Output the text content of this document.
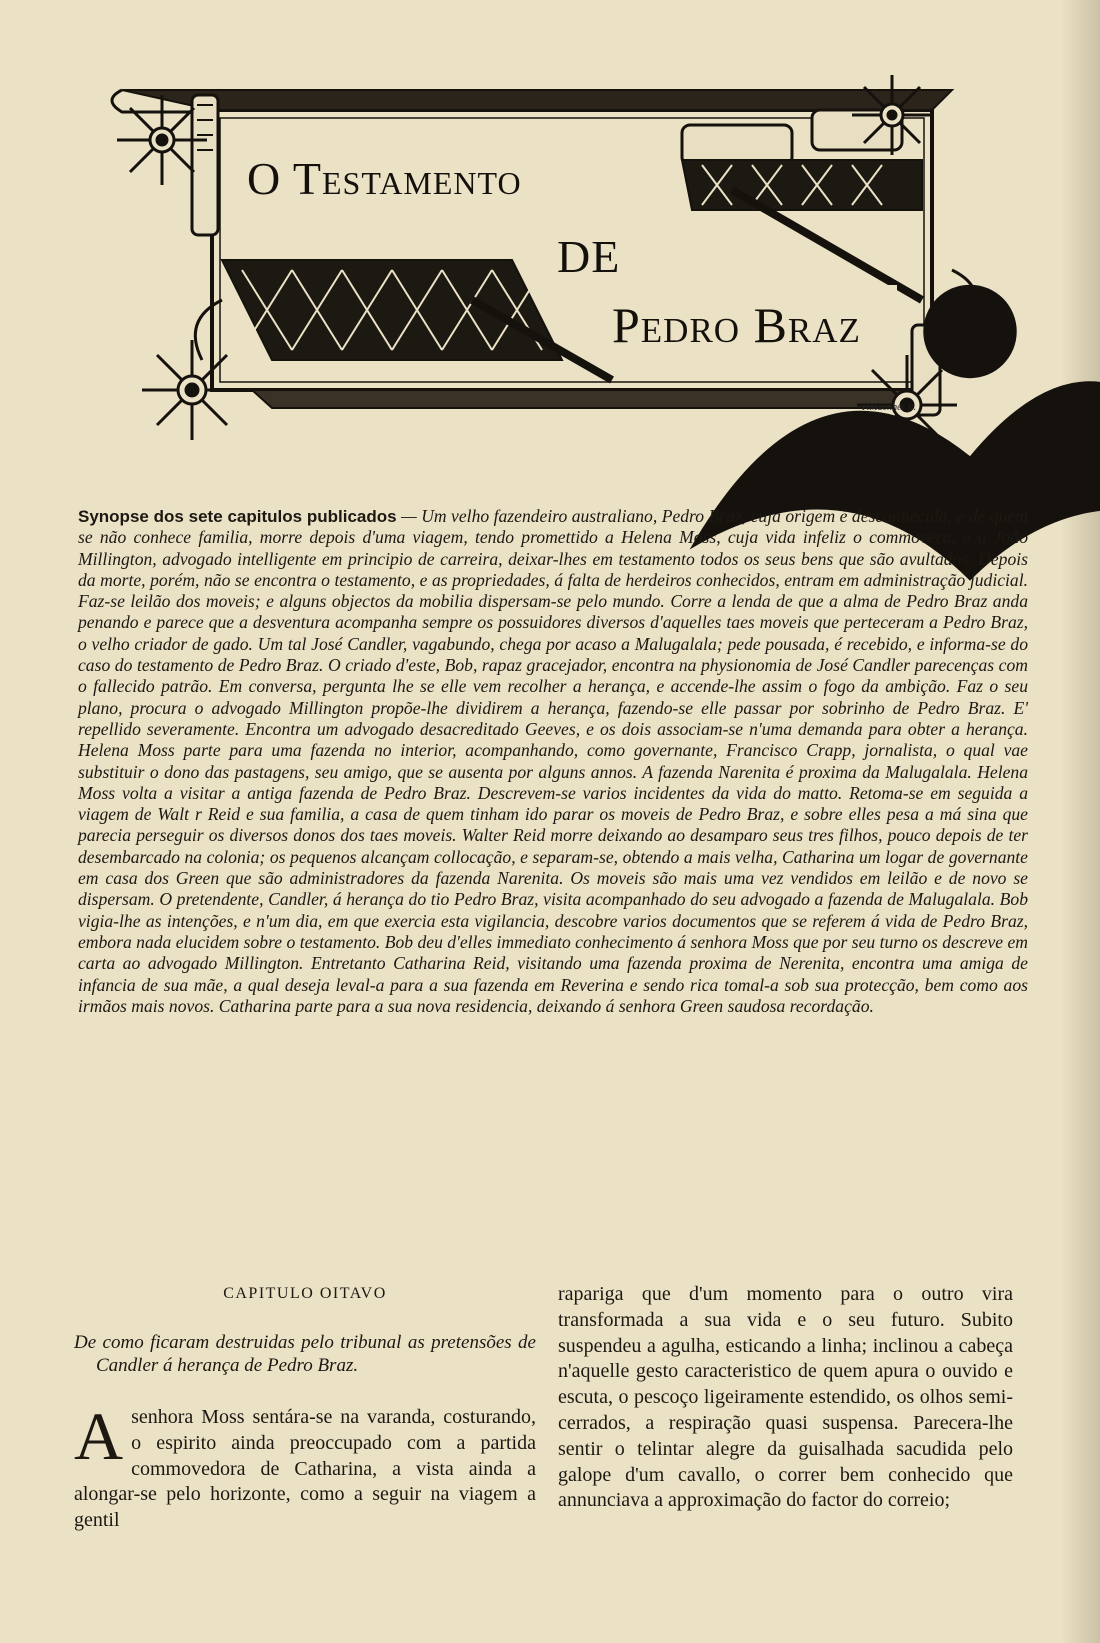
O Testamento
DE
Pedro Braz
P.Macnher jr.
Synopse dos sete capitulos publicados — Um velho fazendeiro australiano, Pedro Braz, cuja origem é desconhecida, e de quem se não conhece familia, morre depois d'uma viagem, tendo promettido a Helena Moss, cuja vida infeliz o commovera, e a João Millington, advogado intelligente em principio de carreira, deixar-lhes em testamento todos os seus bens que são avultados. Depois da morte, porém, não se encontra o testamento, e as propriedades, á falta de herdeiros conhecidos, entram em administração judicial. Faz-se leilão dos moveis; e alguns objectos da mobilia dispersam-se pelo mundo. Corre a lenda de que a alma de Pedro Braz anda penando e parece que a desventura acompanha sempre os possuidores diversos d'aquelles taes moveis que perteceram a Pedro Braz, o velho criador de gado. Um tal José Candler, vagabundo, chega por acaso a Malugalala; pede pousada, é recebido, e informa-se do caso do testamento de Pedro Braz. O criado d'este, Bob, rapaz gracejador, encontra na physionomia de José Candler parecenças com o fallecido patrão. Em conversa, pergunta lhe se elle vem recolher a herança, e accende-lhe assim o fogo da ambição. Faz o seu plano, procura o advogado Millington propõe-lhe dividirem a herança, fazendo-se elle passar por sobrinho de Pedro Braz. E' repellido severamente. Encontra um advogado desacreditado Geeves, e os dois associam-se n'uma demanda para obter a herança. Helena Moss parte para uma fazenda no interior, acompanhando, como governante, Francisco Crapp, jornalista, o qual vae substituir o dono das pastagens, seu amigo, que se ausenta por alguns annos. A fazenda Narenita é proxima da Malugalala. Helena Moss volta a visitar a antiga fazenda de Pedro Braz. Descrevem-se varios incidentes da vida do matto. Retoma-se em seguida a viagem de Walt r Reid e sua familia, a casa de quem tinham ido parar os moveis de Pedro Braz, e sobre elles pesa a má sina que parecia perseguir os diversos donos dos taes moveis. Walter Reid morre deixando ao desamparo seus tres filhos, pouco depois de ter desembarcado na colonia; os pequenos alcançam collocação, e separam-se, obtendo a mais velha, Catharina um logar de governante em casa dos Green que são administradores da fazenda Narenita. Os moveis são mais uma vez vendidos em leilão e de novo se dispersam. O pretendente, Candler, á herança do tio Pedro Braz, visita acompanhado do seu advogado a fazenda de Malugalala. Bob vigia-lhe as intenções, e n'um dia, em que exercia esta vigilancia, descobre varios documentos que se referem á vida de Pedro Braz, embora nada elucidem sobre o testamento. Bob deu d'elles immediato conhecimento á senhora Moss que por seu turno os descreve em carta ao advogado Millington. Entretanto Catharina Reid, visitando uma fazenda proxima de Nerenita, encontra uma amiga de infancia de sua mãe, a qual deseja leval-a para a sua fazenda em Reverina e sendo rica tomal-a sob sua protecção, bem como aos irmãos mais novos. Catharina parte para a sua nova residencia, deixando á senhora Green saudosa recordação.
CAPITULO OITAVO

De como ficaram destruidas pelo tribunal as pretensões de Candler á herança de Pedro Braz.

Asenhora Moss sentára-se na varanda, costurando, o espirito ainda preoccupado com a partida commovedora de Catharina, a vista ainda a alongar-se pelo horizonte, como a seguir na viagem a gentil

rapariga que d'um momento para o outro vira transformada a sua vida e o seu futuro. Subito suspendeu a agulha, esticando a linha; inclinou a cabeça n'aquelle gesto caracteristico de quem apura o ouvido e escuta, o pescoço ligeiramente estendido, os olhos semi-cerrados, a respiração quasi suspensa. Parecera-lhe sentir o telintar alegre da guisalhada sacudida pelo galope d'um cavallo, o correr bem conhecido que annunciava a approximação do factor do correio;
